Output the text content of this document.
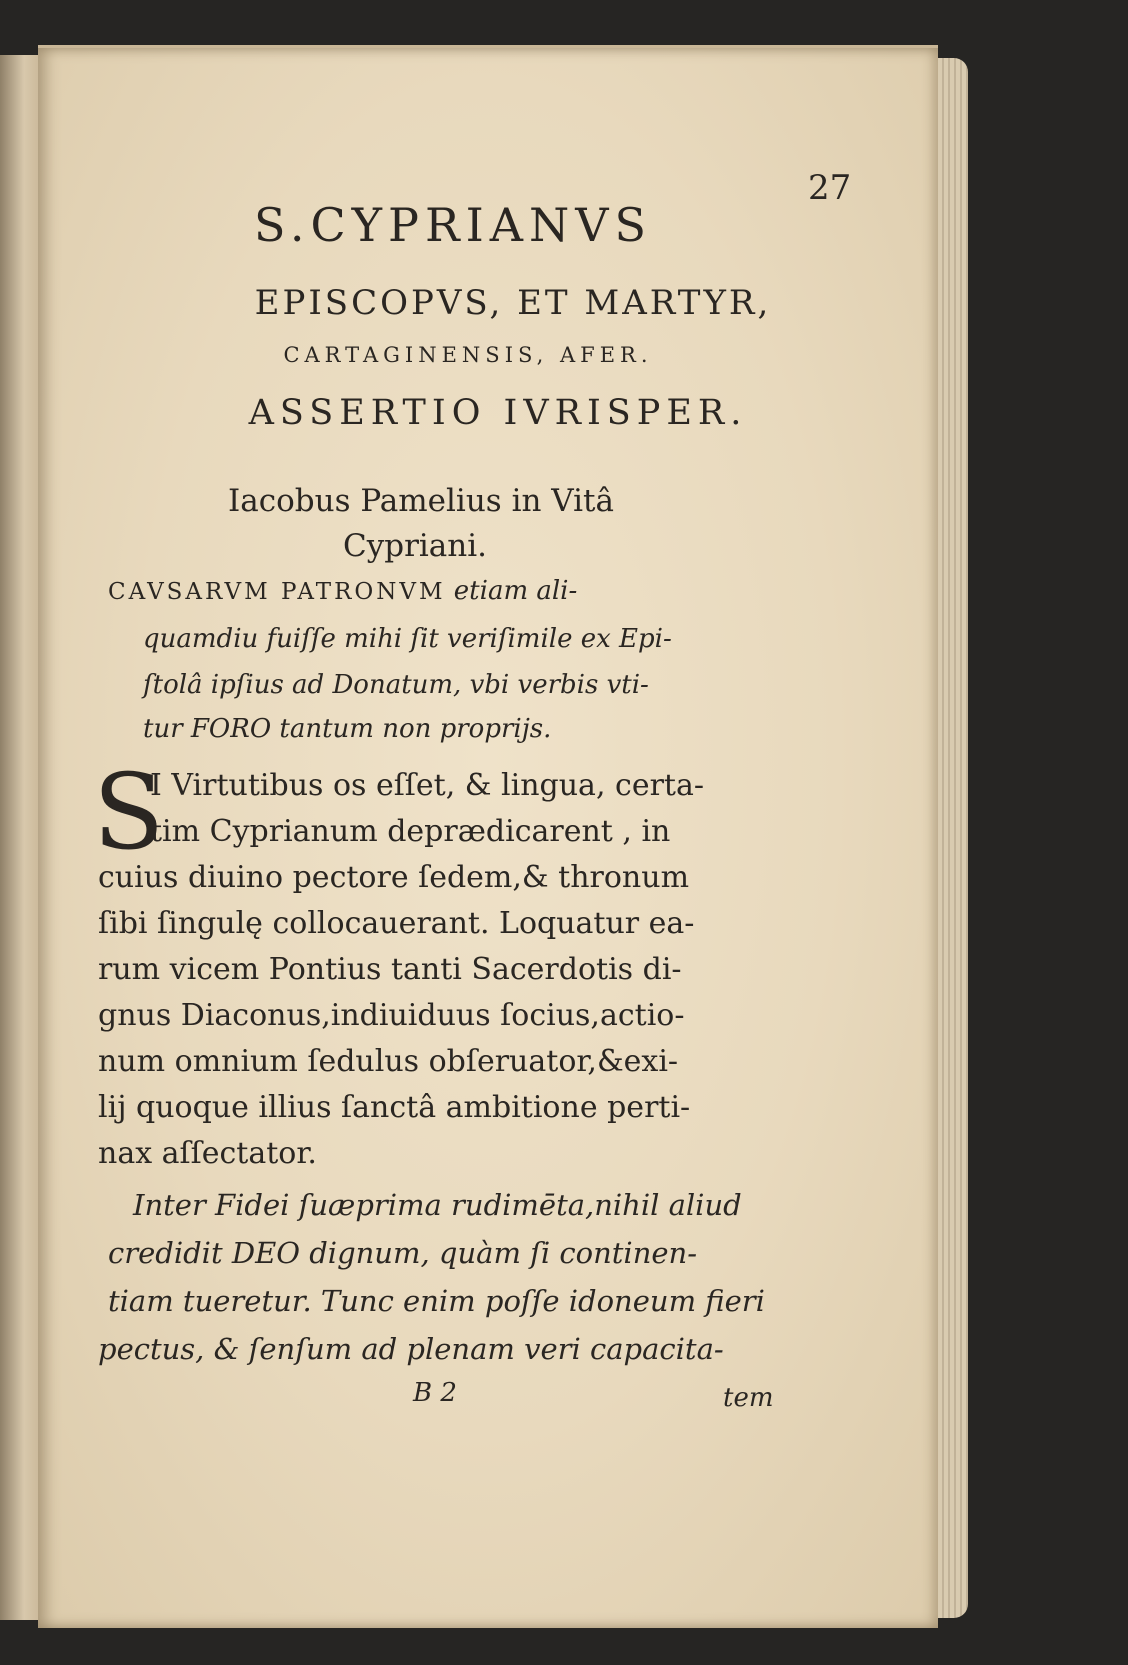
27
S.CYPRIANVS
EPISCOPVS, ET MARTYR,
CARTAGINENSIS, AFER.
ASSERTIO IVRISPER.
Iacobus Pamelius in Vitâ
Cypriani.
CAVSARVM PATRONVM etiam ali-
quamdiu fuiſſe mihi ſit veriſimile ex Epi-
ſtolâ ipſius ad Donatum, vbi verbis vti-
tur FORO tantum non proprijs.
S
I Virtutibus os eſſet, & lingua, certa-
tim Cyprianum deprædicarent , in
cuius diuino pectore ſedem,& thronum
ſibi ſingulę collocauerant. Loquatur ea-
rum vicem Pontius tanti Sacerdotis di-
gnus Diaconus,indiuiduus ſocius,actio-
num omnium ſedulus obſeruator,&exi-
lij quoque illius ſanctâ ambitione perti-
nax aſſectator.
Inter Fidei ſuæprima rudimēta,nihil aliud
credidit DEO dignum, quàm ſi continen-
tiam tueretur. Tunc enim poſſe idoneum fieri
pectus, & ſenſum ad plenam veri capacita-
B 2	tem
